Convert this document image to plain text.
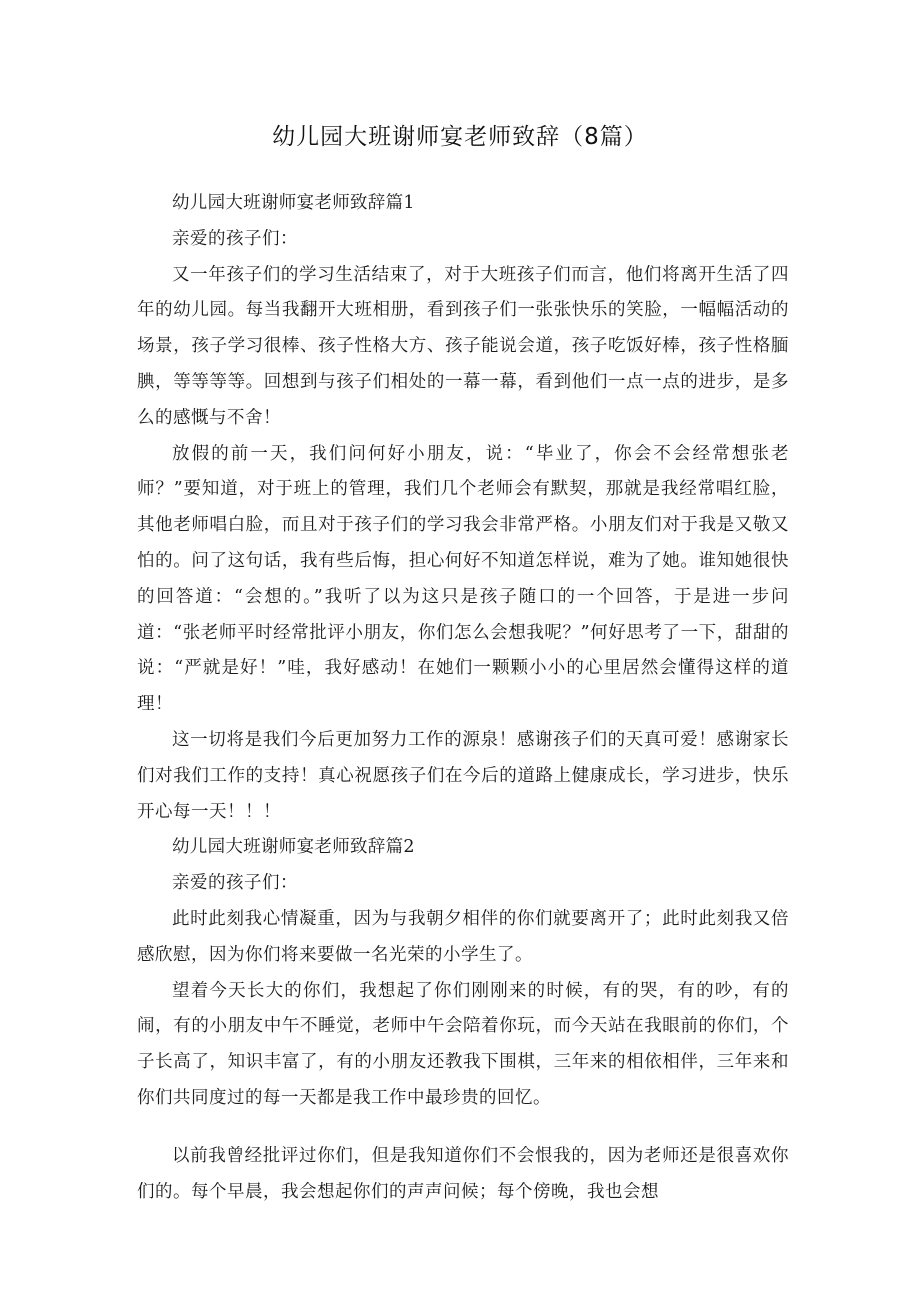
幼儿园大班谢师宴老师致辞（8篇）

幼儿园大班谢师宴老师致辞篇1

亲爱的孩子们：

又一年孩子们的学习生活结束了，对于大班孩子们而言，他们将离开生活了四年的幼儿园。每当我翻开大班相册，看到孩子们一张张快乐的笑脸，一幅幅活动的场景，孩子学习很棒、孩子性格大方、孩子能说会道，孩子吃饭好棒，孩子性格腼腆，等等等等。回想到与孩子们相处的一幕一幕，看到他们一点一点的进步，是多么的感慨与不舍！

放假的前一天，我们问何好小朋友，说：“毕业了，你会不会经常想张老师？”要知道，对于班上的管理，我们几个老师会有默契，那就是我经常唱红脸，其他老师唱白脸，而且对于孩子们的学习我会非常严格。小朋友们对于我是又敬又怕的。问了这句话，我有些后悔，担心何好不知道怎样说，难为了她。谁知她很快的回答道：“会想的。”我听了以为这只是孩子随口的一个回答，于是进一步问道：“张老师平时经常批评小朋友，你们怎么会想我呢？”何好思考了一下，甜甜的说：“严就是好！”哇，我好感动！在她们一颗颗小小的心里居然会懂得这样的道理！

这一切将是我们今后更加努力工作的源泉！感谢孩子们的天真可爱！感谢家长们对我们工作的支持！真心祝愿孩子们在今后的道路上健康成长，学习进步，快乐开心每一天！！！

幼儿园大班谢师宴老师致辞篇2

亲爱的孩子们：

此时此刻我心情凝重，因为与我朝夕相伴的你们就要离开了；此时此刻我又倍感欣慰，因为你们将来要做一名光荣的小学生了。

望着今天长大的你们，我想起了你们刚刚来的时候，有的哭，有的吵，有的闹，有的小朋友中午不睡觉，老师中午会陪着你玩，而今天站在我眼前的你们，个子长高了，知识丰富了，有的小朋友还教我下围棋，三年来的相依相伴，三年来和你们共同度过的每一天都是我工作中最珍贵的回忆。

以前我曾经批评过你们，但是我知道你们不会恨我的，因为老师还是很喜欢你们的。每个早晨，我会想起你们的声声问候；每个傍晚，我也会想
